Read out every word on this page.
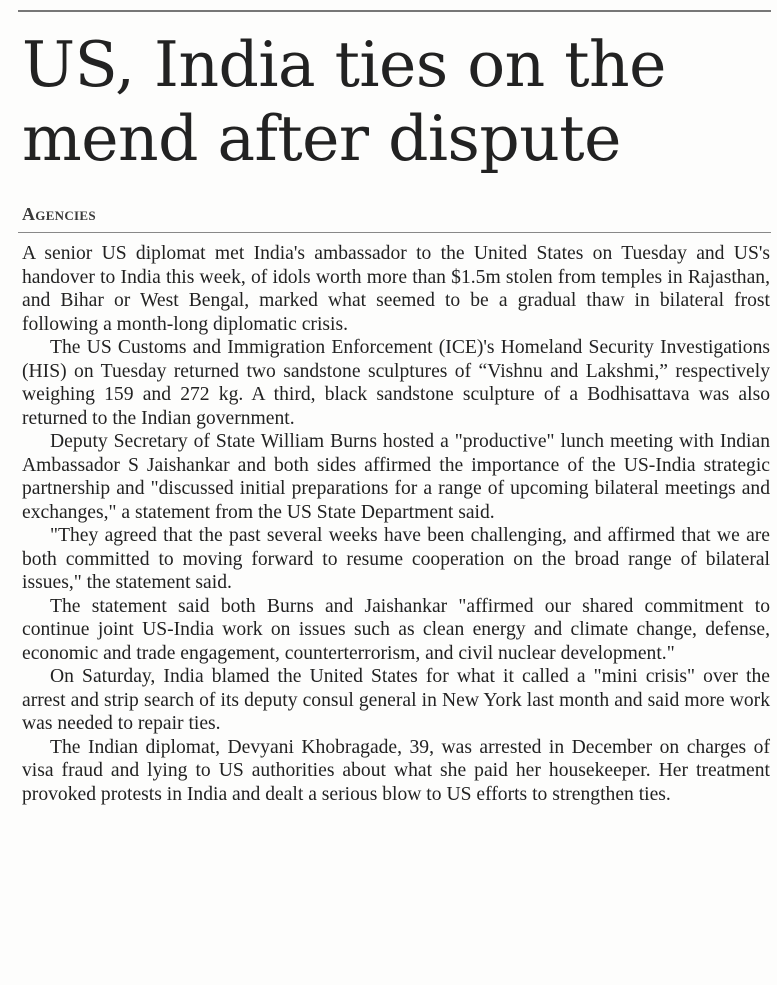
US, India ties on the mend after dispute
Agencies

A senior US diplomat met India's ambassador to the United States on Tuesday and US's handover to India this week, of idols worth more than $1.5m stolen from temples in Rajasthan, and Bihar or West Bengal, marked what seemed to be a gradual thaw in bilateral frost following a month-long diplomatic crisis.

The US Customs and Immigration Enforcement (ICE)'s Homeland Security Investigations (HIS) on Tuesday returned two sandstone sculptures of “Vishnu and Lakshmi,” respectively weighing 159 and 272 kg. A third, black sandstone sculpture of a Bodhisattava was also returned to the Indian government.

Deputy Secretary of State William Burns hosted a "productive" lunch meeting with Indian Ambassador S Jaishankar and both sides affirmed the importance of the US-India strategic partnership and "discussed initial preparations for a range of upcoming bilateral meetings and exchanges," a statement from the US State Department said.

"They agreed that the past several weeks have been challenging, and affirmed that we are both committed to moving forward to resume cooperation on the broad range of bilateral issues," the statement said.

The statement said both Burns and Jaishankar "affirmed our shared commitment to continue joint US-India work on issues such as clean energy and climate change, defense, economic and trade engagement, counterterrorism, and civil nuclear development."

On Saturday, India blamed the United States for what it called a "mini crisis" over the arrest and strip search of its deputy consul general in New York last month and said more work was needed to repair ties.

The Indian diplomat, Devyani Khobragade, 39, was arrested in December on charges of visa fraud and lying to US authorities about what she paid her housekeeper. Her treatment provoked protests in India and dealt a serious blow to US efforts to strengthen ties.
